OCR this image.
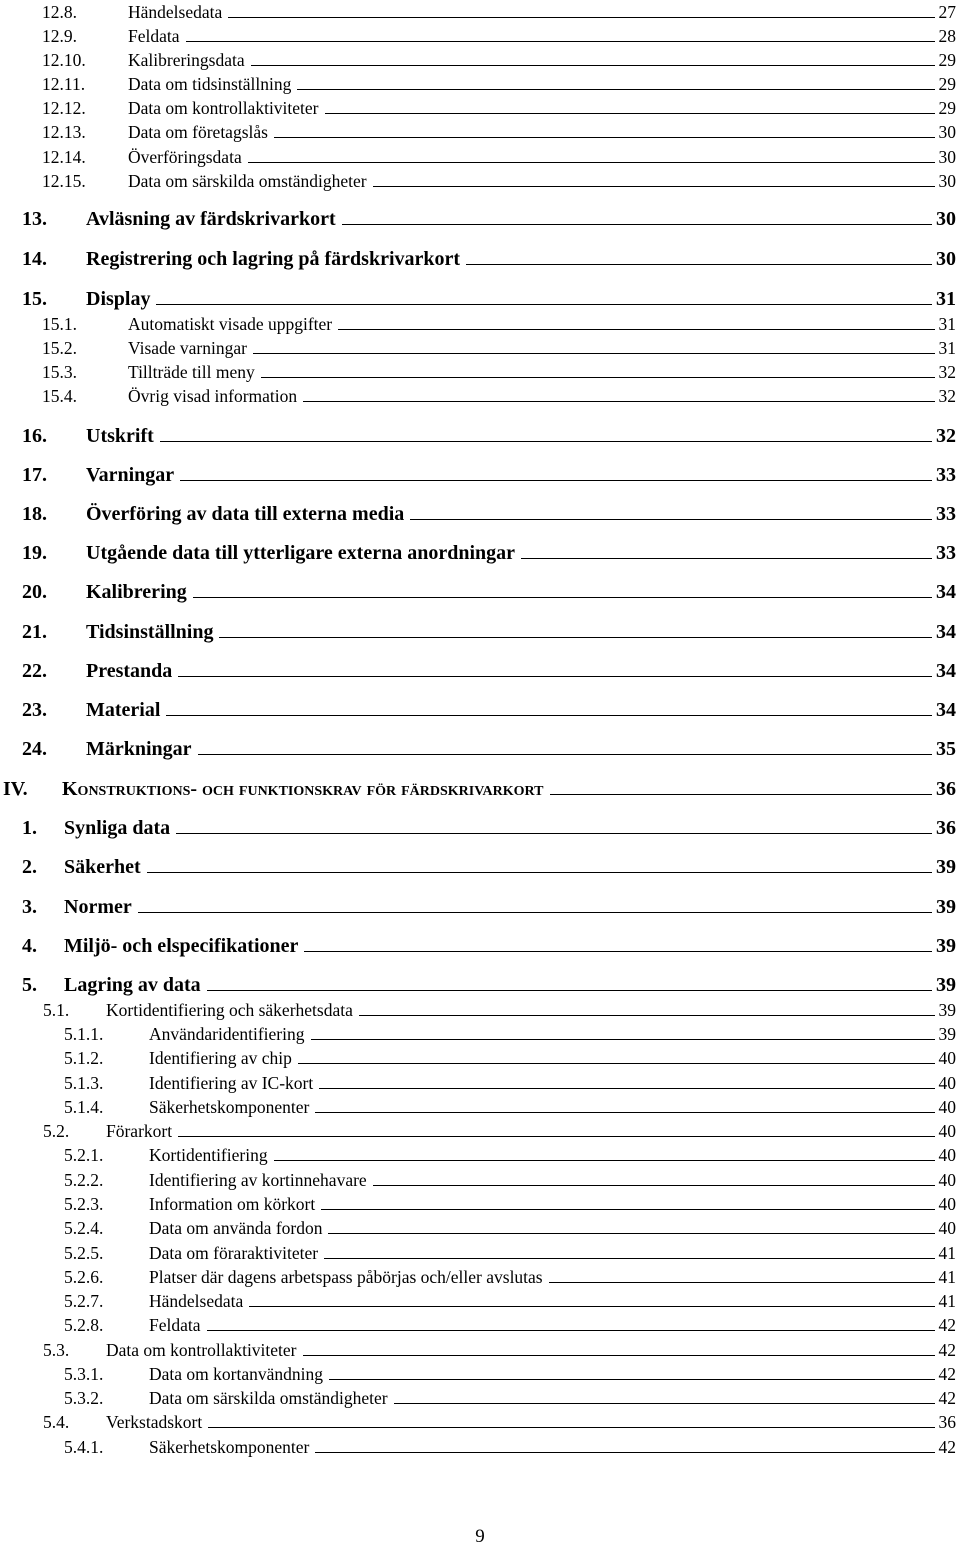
12.8.	Händelsedata	27
12.9.	Feldata	28
12.10. Kalibreringsdata	29
12.11. Data om tidsinställning	29
12.12. Data om kontrollaktiviteter	29
12.13. Data om företagslås	30
12.14. Överföringsdata	30
12.15. Data om särskilda omständigheter	30
13. Avläsning av färdskrivarkort	30
14. Registrering och lagring på färdskrivarkort	30
15. Display	31
15.1.	Automatiskt visade uppgifter	31
15.2.	Visade varningar	31
15.3.	Tillträde till meny	32
15.4.	Övrig visad information	32
16. Utskrift	32
17. Varningar	33
18. Överföring av data till externa media	33
19. Utgående data till ytterligare externa anordningar	33
20. Kalibrering	34
21. Tidsinställning	34
22. Prestanda	34
23. Material	34
24. Märkningar	35
IV. Konstruktions- och funktionskrav för färdskrivarkort	36
1. Synliga data	36
2. Säkerhet	39
3. Normer	39
4. Miljö- och elspecifikationer	39
5. Lagring av data	39
5.1. Kortidentifiering och säkerhetsdata	39
5.1.1.	Användaridentifiering	39
5.1.2.	Identifiering av chip	40
5.1.3.	Identifiering av IC-kort	40
5.1.4.	Säkerhetskomponenter	40
5.2. Förarkort	40
5.2.1.	Kortidentifiering	40
5.2.2.	Identifiering av kortinnehavare	40
5.2.3.	Information om körkort	40
5.2.4.	Data om använda fordon	40
5.2.5.	Data om föraraktiviteter	41
5.2.6.	Platser där dagens arbetspass påbörjas och/eller avslutas	41
5.2.7.	Händelsedata	41
5.2.8.	Feldata	42
5.3. Data om kontrollaktiviteter	42
5.3.1.	Data om kortanvändning	42
5.3.2.	Data om särskilda omständigheter	42
5.4. Verkstadskort	36
5.4.1.	Säkerhetskomponenter	42
9
